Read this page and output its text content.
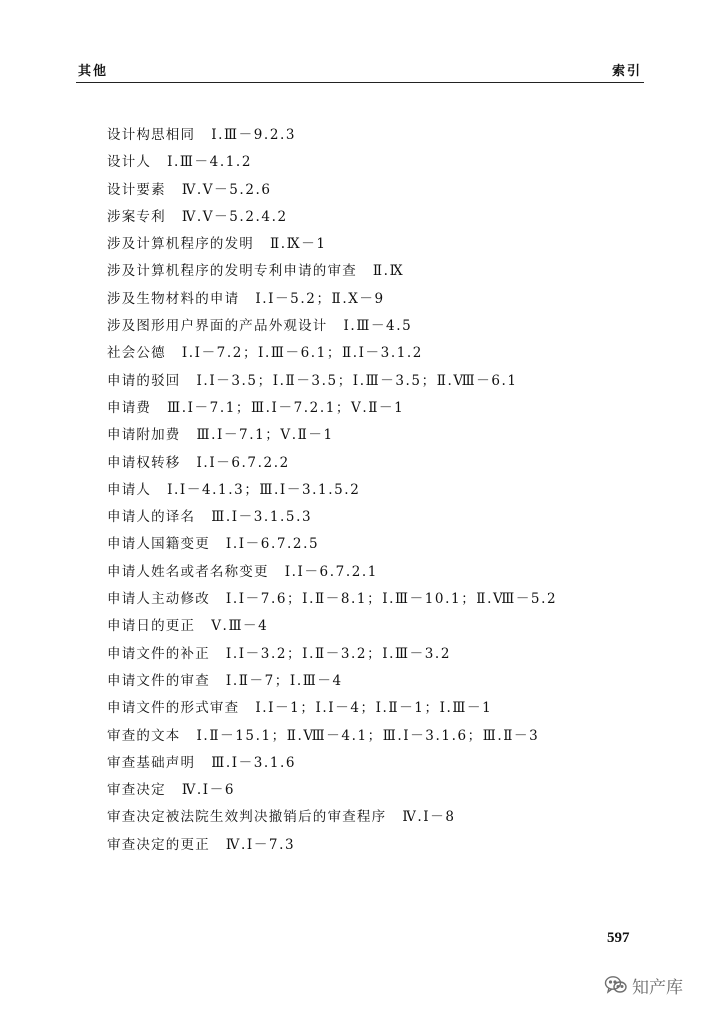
其他	索引
设计构思相同 Ⅰ.Ⅲ－9.2.3
设计人 Ⅰ.Ⅲ－4.1.2
设计要素 Ⅳ.Ⅴ－5.2.6
涉案专利 Ⅳ.Ⅴ－5.2.4.2
涉及计算机程序的发明 Ⅱ.Ⅸ－1
涉及计算机程序的发明专利申请的审查 Ⅱ.Ⅸ
涉及生物材料的申请 Ⅰ.Ⅰ－5.2；Ⅱ.Ⅹ－9
涉及图形用户界面的产品外观设计 Ⅰ.Ⅲ－4.5
社会公德 Ⅰ.Ⅰ－7.2；Ⅰ.Ⅲ－6.1；Ⅱ.Ⅰ－3.1.2
申请的驳回 Ⅰ.Ⅰ－3.5；Ⅰ.Ⅱ－3.5；Ⅰ.Ⅲ－3.5；Ⅱ.Ⅷ－6.1
申请费 Ⅲ.Ⅰ－7.1；Ⅲ.Ⅰ－7.2.1；Ⅴ.Ⅱ－1
申请附加费 Ⅲ.Ⅰ－7.1；Ⅴ.Ⅱ－1
申请权转移 Ⅰ.Ⅰ－6.7.2.2
申请人 Ⅰ.Ⅰ－4.1.3；Ⅲ.Ⅰ－3.1.5.2
申请人的译名 Ⅲ.Ⅰ－3.1.5.3
申请人国籍变更 Ⅰ.Ⅰ－6.7.2.5
申请人姓名或者名称变更 Ⅰ.Ⅰ－6.7.2.1
申请人主动修改 Ⅰ.Ⅰ－7.6；Ⅰ.Ⅱ－8.1；Ⅰ.Ⅲ－10.1；Ⅱ.Ⅷ－5.2
申请日的更正 Ⅴ.Ⅲ－4
申请文件的补正 Ⅰ.Ⅰ－3.2；Ⅰ.Ⅱ－3.2；Ⅰ.Ⅲ－3.2
申请文件的审查 Ⅰ.Ⅱ－7；Ⅰ.Ⅲ－4
申请文件的形式审查 Ⅰ.Ⅰ－1；Ⅰ.Ⅰ－4；Ⅰ.Ⅱ－1；Ⅰ.Ⅲ－1
审查的文本 Ⅰ.Ⅱ－15.1；Ⅱ.Ⅷ－4.1；Ⅲ.Ⅰ－3.1.6；Ⅲ.Ⅱ－3
审查基础声明 Ⅲ.Ⅰ－3.1.6
审查决定 Ⅳ.Ⅰ－6
审查决定被法院生效判决撤销后的审查程序 Ⅳ.Ⅰ－8
审查决定的更正 Ⅳ.Ⅰ－7.3
597
知产库
